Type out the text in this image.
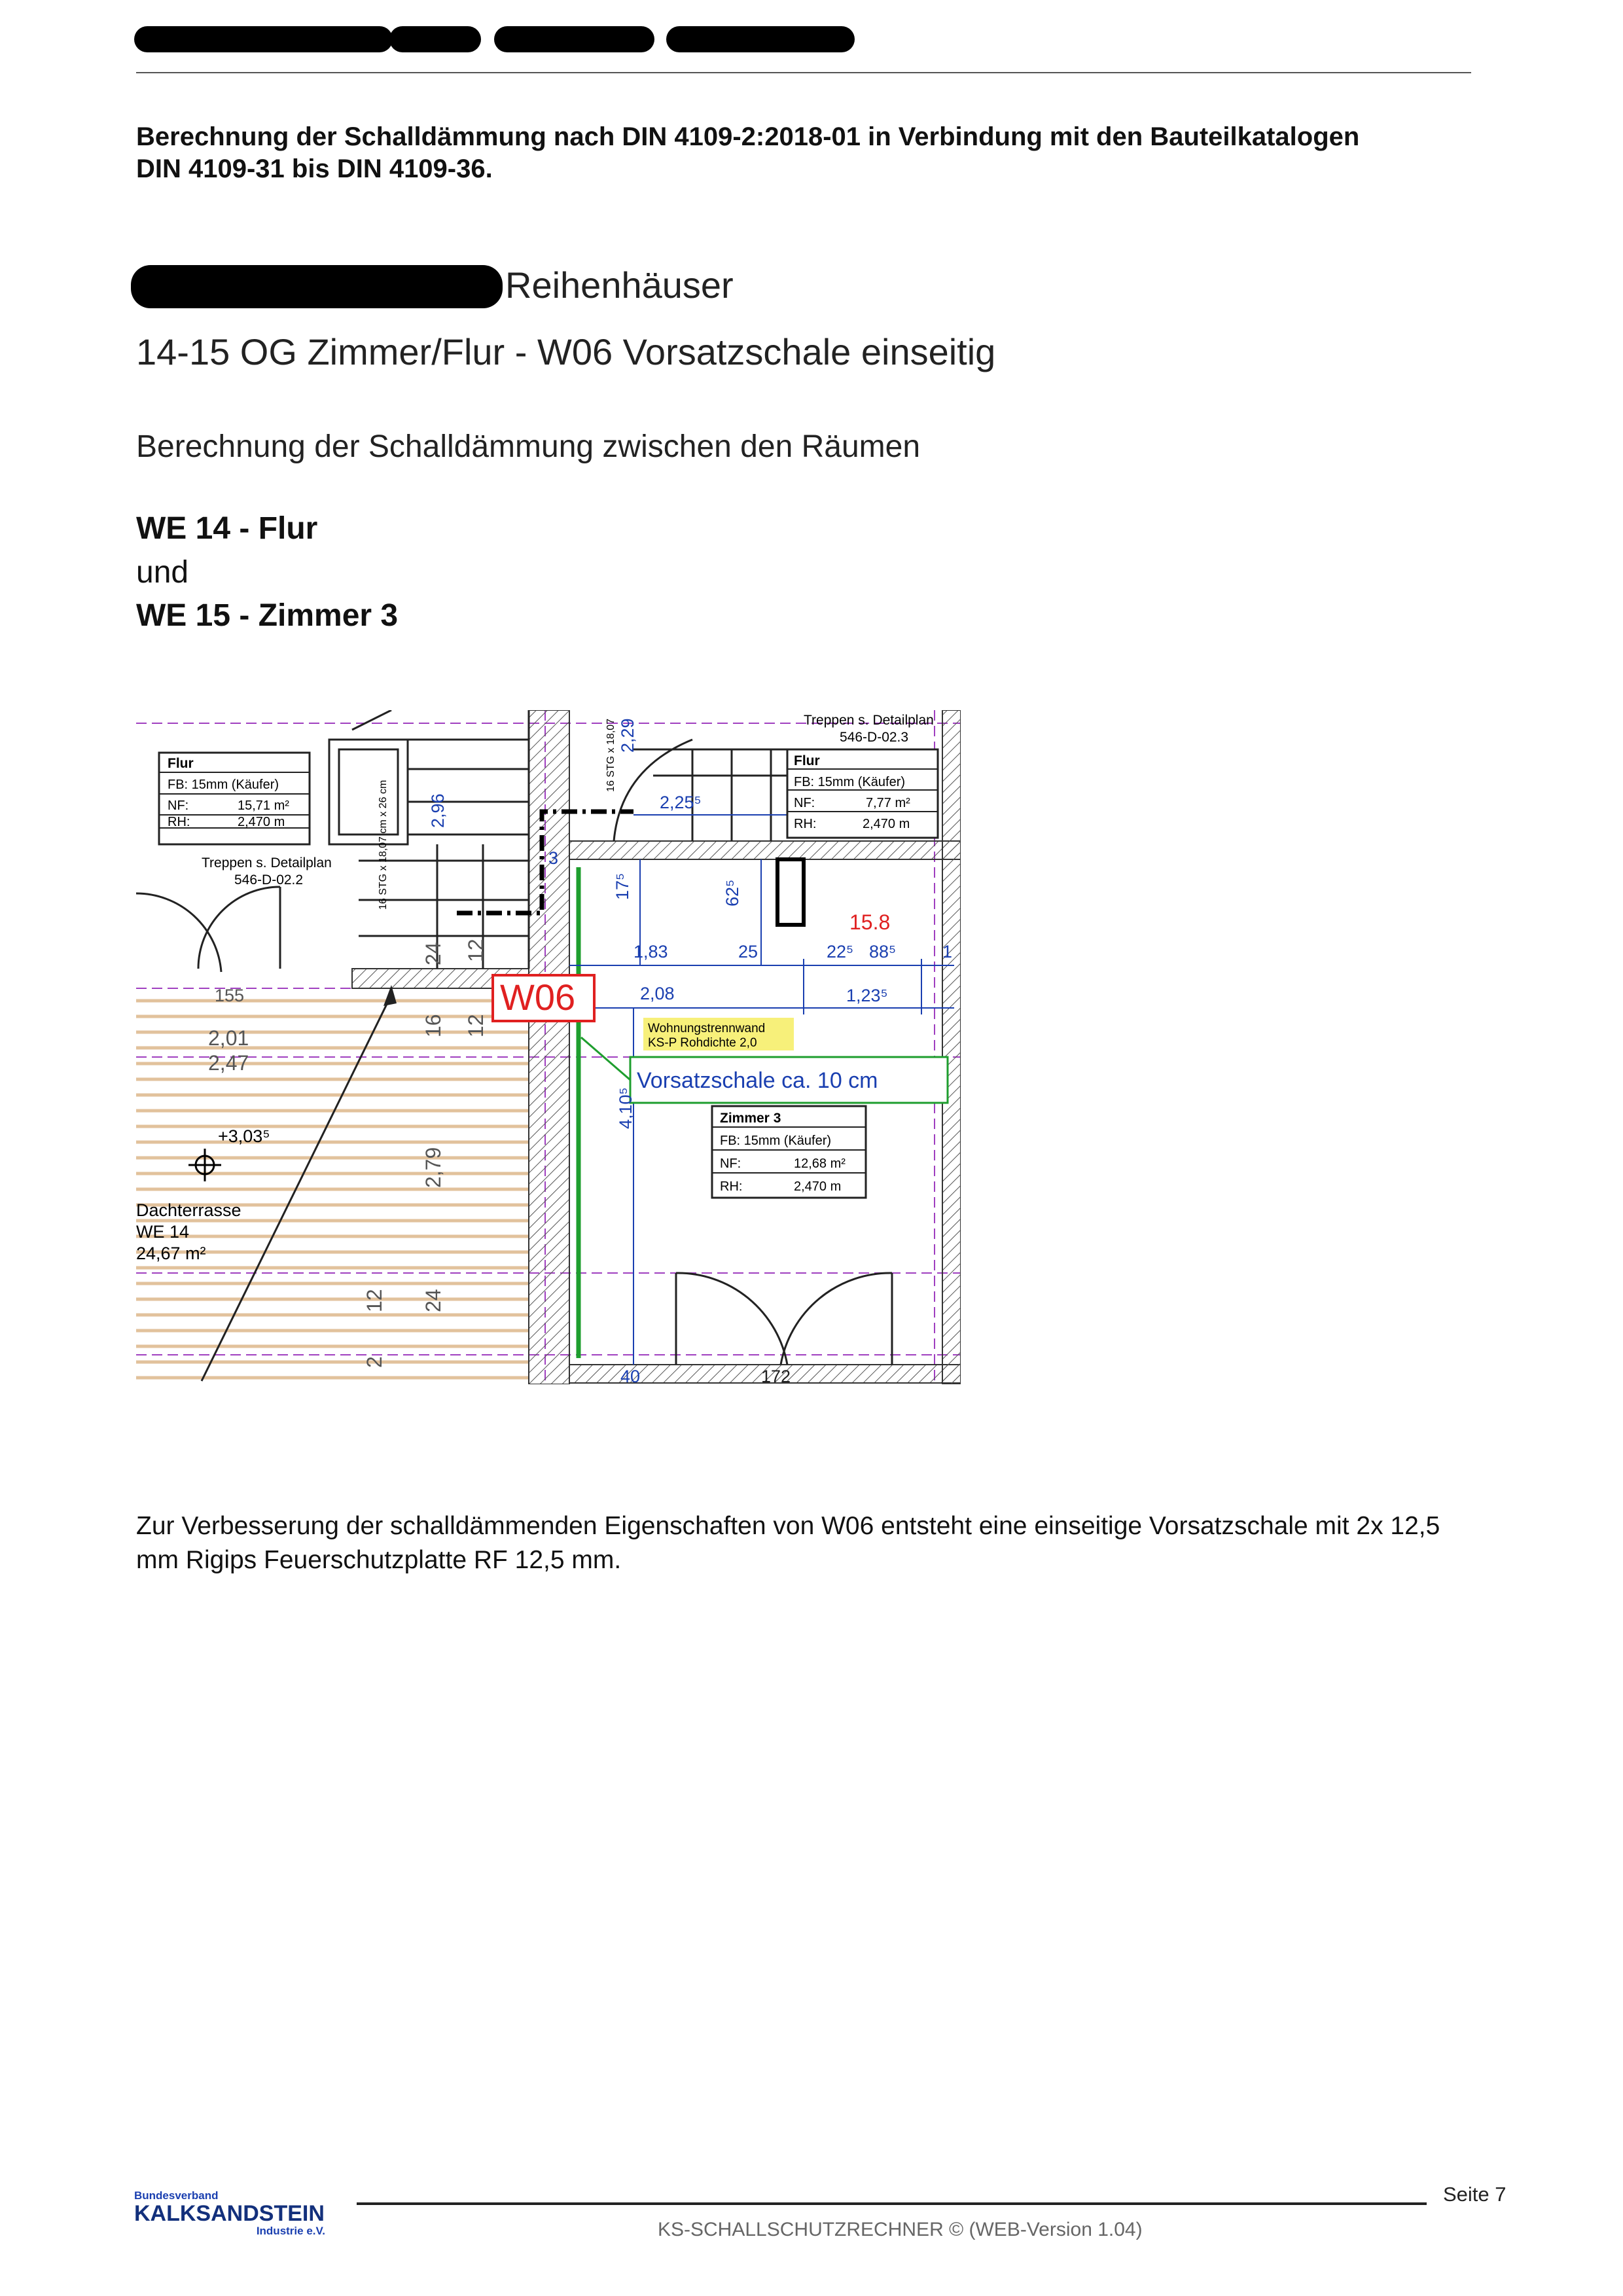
Berechnung der Schalldämmung nach DIN 4109-2:2018-01 in Verbindung mit den Bauteilkatalogen
DIN 4109-31 bis DIN 4109-36.
Reihenhäuser
14-15 OG Zimmer/Flur - W06 Vorsatzschale einseitig
Berechnung der Schalldämmung zwischen den Räumen
WE 14 - Flur
und
WE 15 - Zimmer 3
Flur
FB: 15mm (Käufer)
NF:	15,71 m²
RH:	2,470 m
Flur
FB: 15mm (Käufer)
NF:	7,77 m²
RH:	2,470 m
Zimmer 3
FB: 15mm (Käufer)
NF:	12,68 m²
RH:	2,470 m
Treppen s. Detailplan
546-D-02.2
Treppen s. Detailplan
546-D-02.3
W06
15.8
Vorsatzschale ca. 10 cm
Wohnungstrennwand
KS-P Rohdichte 2,0
Dachterrasse
WE 14
24,67 m²
+3,03⁵
16 STG x 18,07 cm x 26 cm
16 STG x 18,07
2,96
2,29
2,25⁵
17⁵	62⁵
1,83	25	22⁵ 88⁵	1
2,08	1,23⁵
4,10⁵
40
3
155
2,01
2,47
2,79
24 12
16 12
24
12
2
172
Zur Verbesserung der schalldämmenden Eigenschaften von W06 entsteht eine einseitige Vorsatzschale mit 2x 12,5
mm Rigips Feuerschutzplatte RF 12,5 mm.
Bundesverband
KALKSANDSTEIN
Industrie e.V.
Seite 7
KS-SCHALLSCHUTZRECHNER © (WEB-Version 1.04)
